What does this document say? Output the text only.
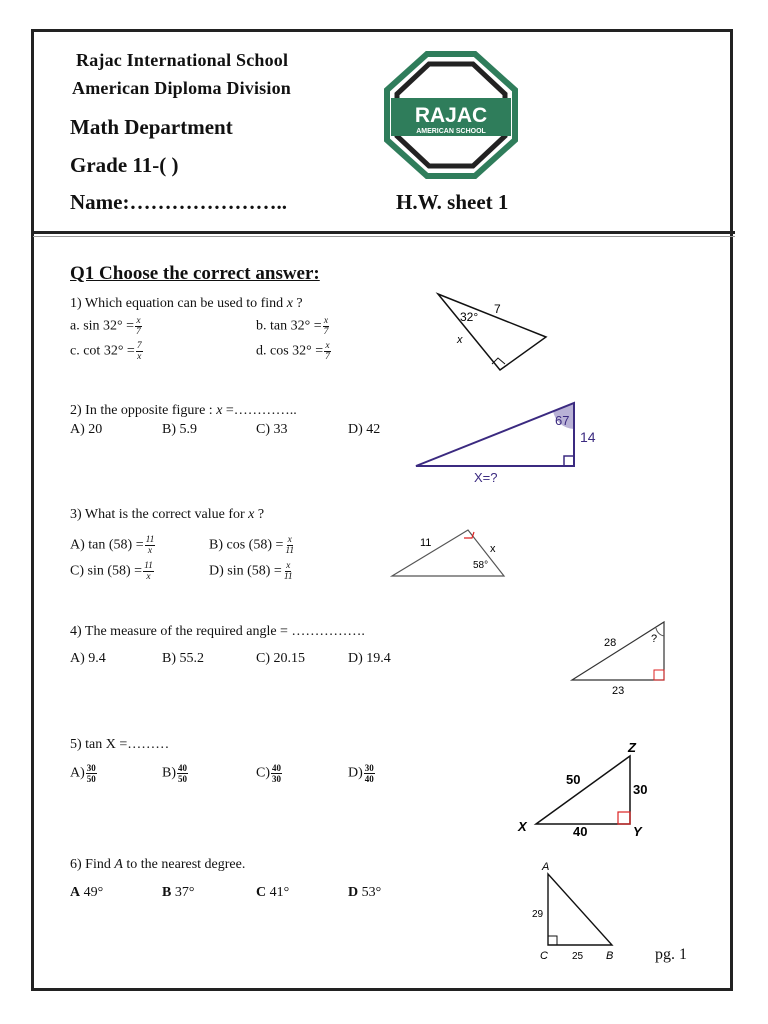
Rajac International School
American Diploma Division
Math Department
Grade 11-( )
Name:…………………..	H.W. sheet 1
RAJAC
AMERICAN SCHOOL
Q1 Choose the correct answer:
1) Which equation can be used to find x ?
a. $\sin 32^\circ = \frac{x}{7}$	b. $\tan 32^\circ = \frac{x}{7}$
c. $\cot 32^\circ = \frac{7}{x}$	d. $\cos 32^\circ = \frac{x}{7}$
32°
7
x
2) In the opposite figure : x =…………..
A) 20	B) 5.9	C) 33	D) 42
67
14
X=?
3) What is the correct value for x ?
A) $\tan (58) = \frac{11}{x}$	B) $\cos (58) = \frac{x}{11}$
C) $\sin (58) = \frac{11}{x}$	D) $\sin (58) = \frac{x}{11}$
11	x
58°
4) The measure of the required angle = …………….
A) 9.4	B) 55.2	C) 20.15	D) 19.4
28	?
23
5) tan X =………
$A) \frac{30}{50}$	$B) \frac{40}{50}$	$C) \frac{40}{30}$	$D) \frac{30}{40}$
Z
X	Y
50
30
40
6) Find A to the nearest degree.
A 49°	B 37°	C 41°	D 53°
A
C	B
29
25	pg. 1
